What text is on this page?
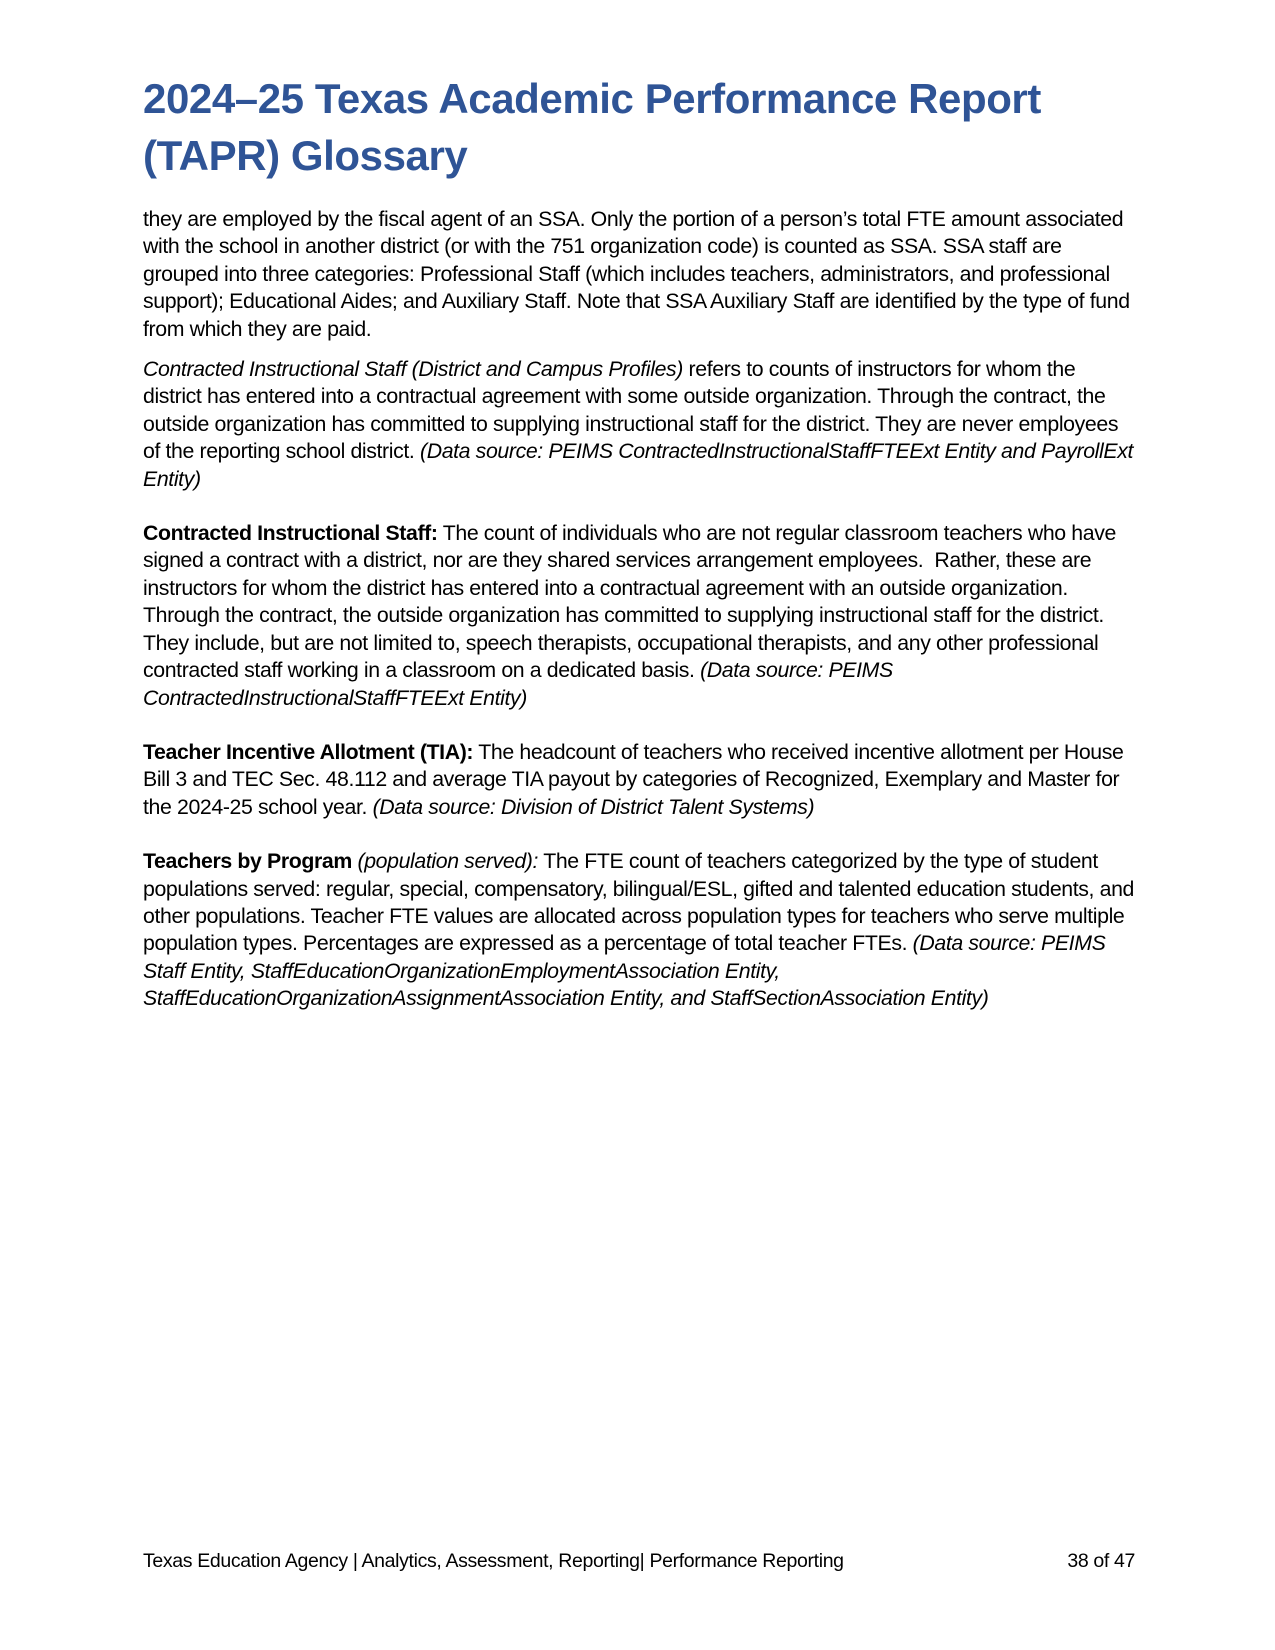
2024–25 Texas Academic Performance Report
(TAPR) Glossary

they are employed by the fiscal agent of an SSA. Only the portion of a person’s total FTE amount associated with the school in another district (or with the 751 organization code) is counted as SSA. SSA staff are grouped into three categories: Professional Staff (which includes teachers, administrators, and professional support); Educational Aides; and Auxiliary Staff. Note that SSA Auxiliary Staff are identified by the type of fund from which they are paid.

Contracted Instructional Staff (District and Campus Profiles) refers to counts of instructors for whom the district has entered into a contractual agreement with some outside organization. Through the contract, the outside organization has committed to supplying instructional staff for the district. They are never employees of the reporting school district. (Data source: PEIMS ContractedInstructionalStaffFTEExt Entity and PayrollExt Entity)

Contracted Instructional Staff: The count of individuals who are not regular classroom teachers who have signed a contract with a district, nor are they shared services arrangement employees.  Rather, these are instructors for whom the district has entered into a contractual agreement with an outside organization. Through the contract, the outside organization has committed to supplying instructional staff for the district.  They include, but are not limited to, speech therapists, occupational therapists, and any other professional contracted staff working in a classroom on a dedicated basis. (Data source: PEIMS ContractedInstructionalStaffFTEExt Entity)

Teacher Incentive Allotment (TIA): The headcount of teachers who received incentive allotment per House Bill 3 and TEC Sec. 48.112 and average TIA payout by categories of Recognized, Exemplary and Master for the 2024-25 school year. (Data source: Division of District Talent Systems)

Teachers by Program (population served): The FTE count of teachers categorized by the type of student populations served: regular, special, compensatory, bilingual/ESL, gifted and talented education students, and other populations. Teacher FTE values are allocated across population types for teachers who serve multiple population types. Percentages are expressed as a percentage of total teacher FTEs. (Data source: PEIMS Staff Entity, StaffEducationOrganizationEmploymentAssociation Entity, StaffEducationOrganizationAssignmentAssociation Entity, and StaffSectionAssociation Entity)

Texas Education Agency | Analytics, Assessment, Reporting| Performance Reporting	38 of 47
